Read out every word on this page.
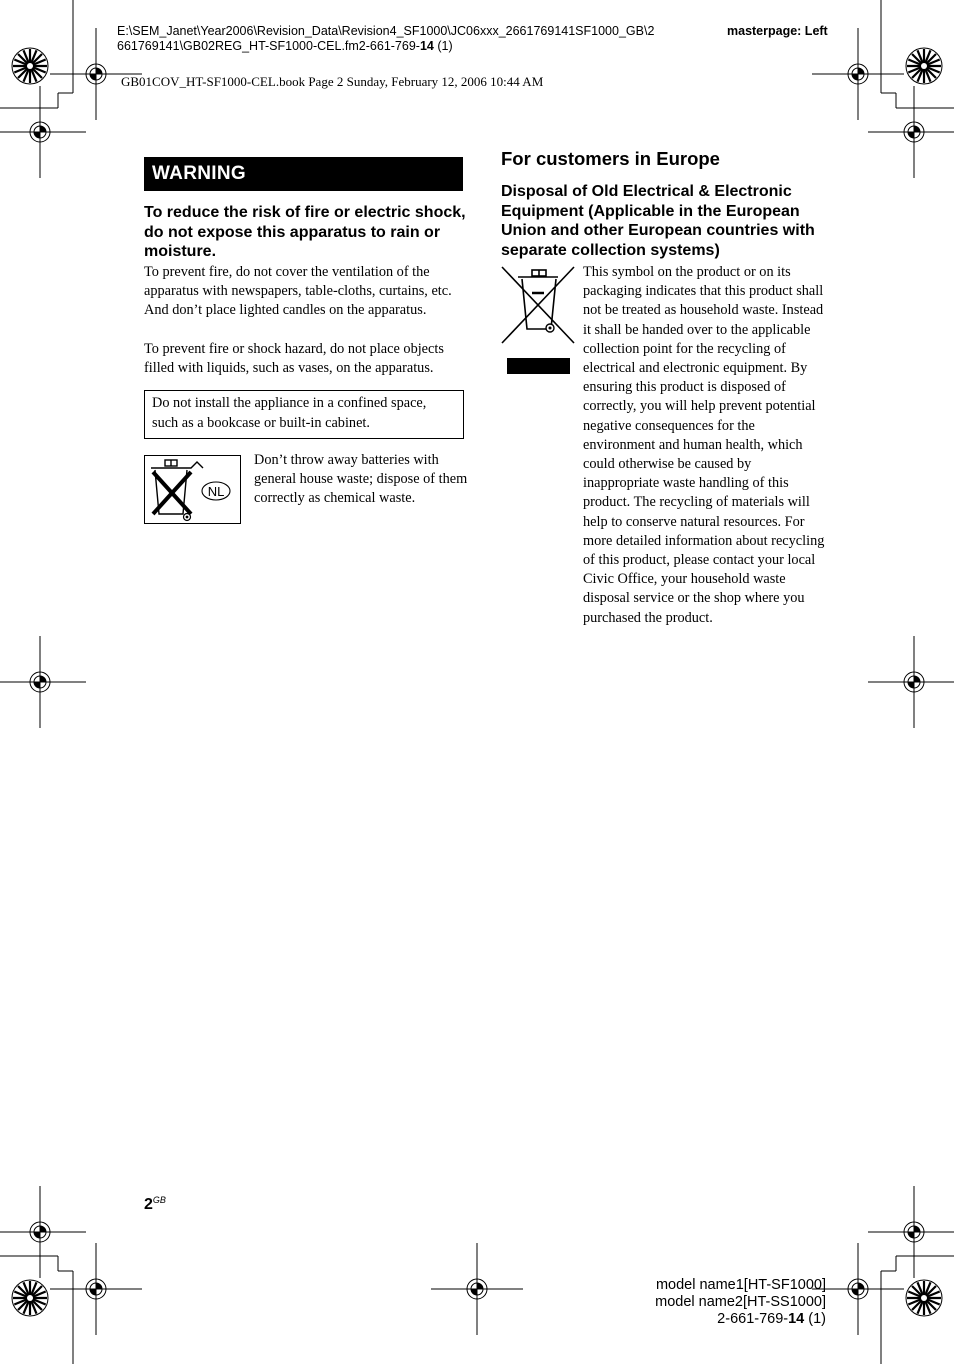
E:\SEM_Janet\Year2006\Revision_Data\Revision4_SF1000\JC06xxx_2661769141SF1000_GB\2
661769141\GB02REG_HT-SF1000-CEL.fm2-661-769-14 (1)
masterpage: Left
GB01COV_HT-SF1000-CEL.book Page 2 Sunday, February 12, 2006 10:44 AM
WARNING
To reduce the risk of fire or electric shock, do not expose this apparatus to rain or moisture.
To prevent fire, do not cover the ventilation of the apparatus with newspapers, table-cloths, curtains, etc. And don’t place lighted candles on the apparatus.
To prevent fire or shock hazard, do not place objects filled with liquids, such as vases, on the apparatus.
Do not install the appliance in a confined space, such as a bookcase or built-in cabinet.
NL
Don’t throw away batteries with general house waste; dispose of them correctly as chemical waste.
For customers in Europe
Disposal of Old Electrical & Electronic Equipment (Applicable in the European Union and other European countries with separate collection systems)
This symbol on the product or on its packaging indicates that this product shall not be treated as household waste. Instead it shall be handed over to the applicable collection point for the recycling of electrical and electronic equipment. By ensuring this product is disposed of correctly, you will help prevent potential negative consequences for the environment and human health, which could otherwise be caused by inappropriate waste handling of this product. The recycling of materials will help to conserve natural resources. For more detailed information about recycling of this product, please contact your local Civic Office, your household waste disposal service or the shop where you purchased the product.
$2^{GB}$
model name1[HT-SF1000]
model name2[HT-SS1000]
2-661-769-14 (1)
